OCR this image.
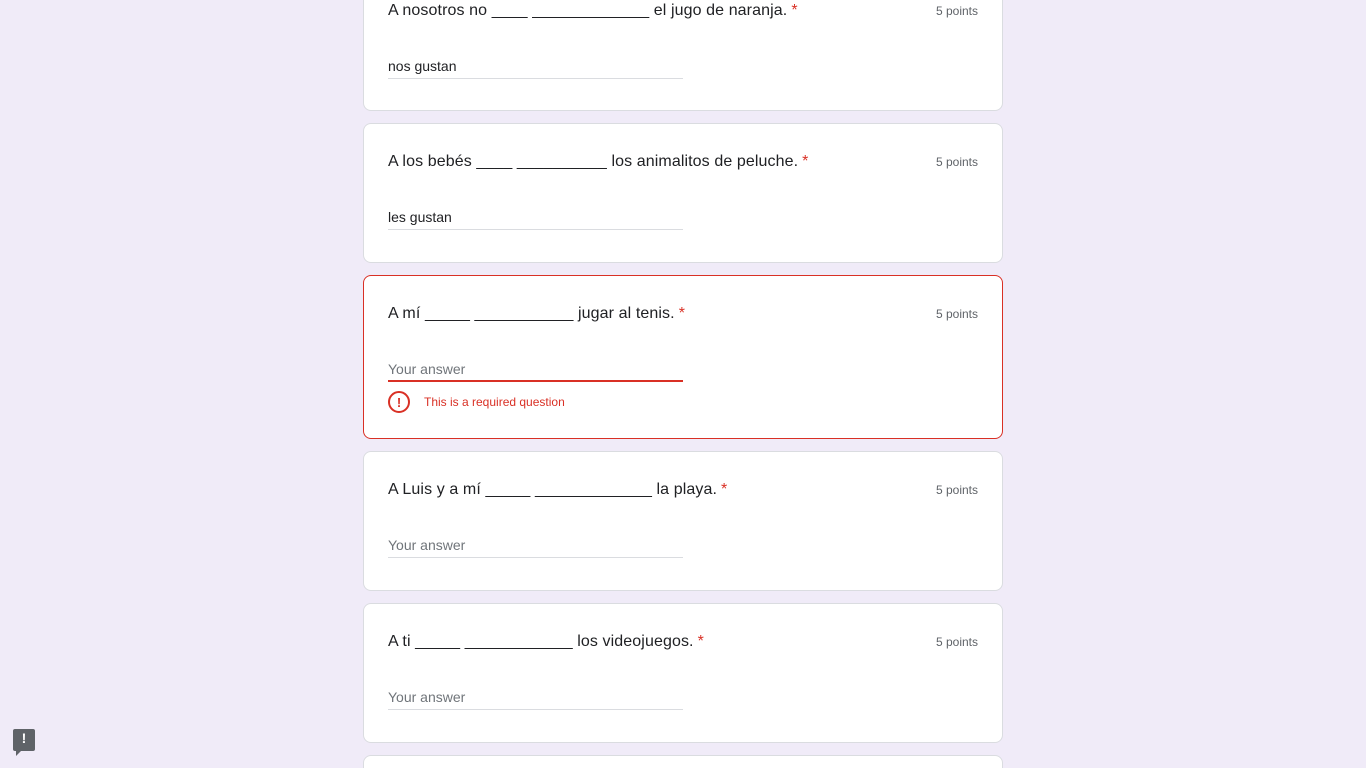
A nosotros no ____ _____________ el jugo de naranja. *	5 points
nos gustan
A los bebés ____ __________ los animalitos de peluche. *	5 points
les gustan
A mí _____ ___________ jugar al tenis. *	5 points
Your answer
!	This is a required question
A Luis y a mí _____ _____________ la playa. *	5 points
Your answer
A ti _____ ____________ los videojuegos. *	5 points
Your answer
!
